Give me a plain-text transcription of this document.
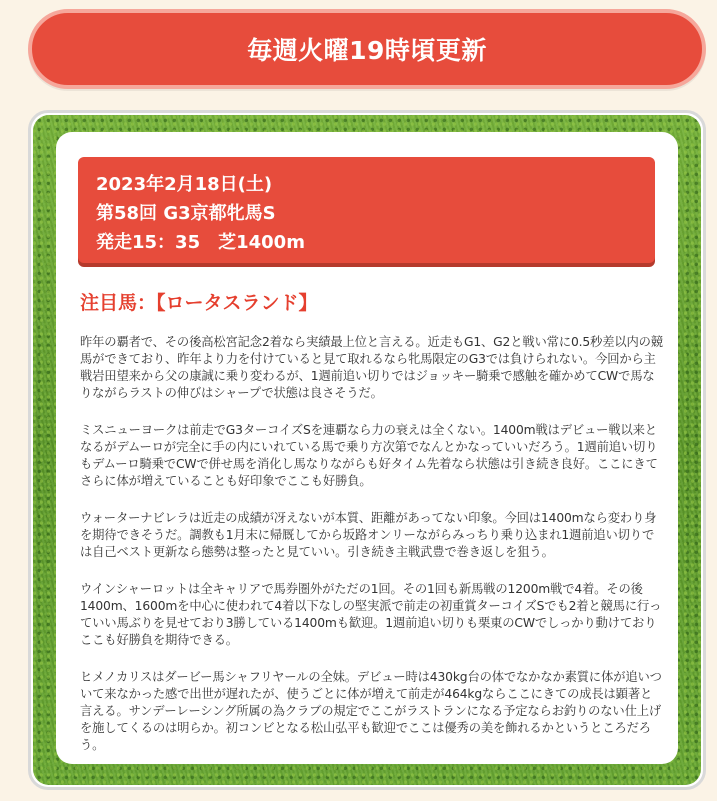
毎週火曜19時頃更新
2023年2月18日(土)
第58回 G3京都牝馬S
発走15：35　芝1400m
注目馬：【ロータスランド】

昨年の覇者で、その後高松宮記念2着なら実績最上位と言える。近走もG1、G2と戦い常に0.5秒差以内の競馬ができており、昨年より力を付けていると見て取れるなら牝馬限定のG3では負けられない。今回から主戦岩田望来から父の康誠に乗り変わるが、1週前追い切りではジョッキー騎乗で感触を確かめてCWで馬なりながらラストの伸びはシャープで状態は良さそうだ。

ミスニューヨークは前走でG3ターコイズSを連覇なら力の衰えは全くない。1400m戦はデビュー戦以来となるがデムーロが完全に手の内にいれている馬で乗り方次第でなんとかなっていいだろう。1週前追い切りもデムーロ騎乗でCWで併せ馬を消化し馬なりながらも好タイム先着なら状態は引き続き良好。ここにきてさらに体が増えていることも好印象でここも好勝負。

ウォーターナビレラは近走の成績が冴えないが本質、距離があってない印象。今回は1400mなら変わり身を期待できそうだ。調教も1月末に帰厩してから坂路オンリーながらみっちり乗り込まれ1週前追い切りでは自己ベスト更新なら態勢は整ったと見ていい。引き続き主戦武豊で巻き返しを狙う。

ウインシャーロットは全キャリアで馬券圏外がただの1回。その1回も新馬戦の1200m戦で4着。その後1400m、1600mを中心に使われて4着以下なしの堅実派で前走の初重賞ターコイズSでも2着と競馬に行っていい馬ぶりを見せており3勝している1400mも歓迎。1週前追い切りも栗東のCWでしっかり動けておりここも好勝負を期待できる。

ヒメノカリスはダービー馬シャフリヤールの全妹。デビュー時は430kg台の体でなかなか素質に体が追いついて来なかった感で出世が遅れたが、使うごとに体が増えて前走が464kgならここにきての成長は顕著と言える。サンデーレーシング所属の為クラブの規定でここがラストランになる予定ならお釣りのない仕上げを施してくるのは明らか。初コンビとなる松山弘平も歓迎でここは優秀の美を飾れるかというところだろう。
